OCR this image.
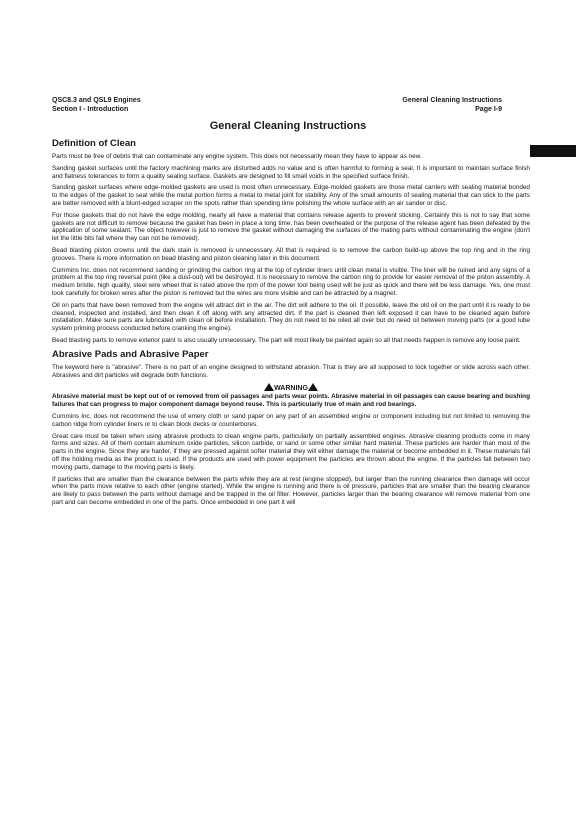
QSC8.3 and QSL9 Engines
Section I - Introduction
General Cleaning Instructions
Page I-9
General Cleaning Instructions
Definition of Clean

Parts must be free of debris that can contaminate any engine system. This does not necessarily mean they have to appear as new.

Sanding gasket surfaces until the factory machining marks are disturbed adds no value and is often harmful to forming a seal. It is important to maintain surface finish and flatness tolerances to form a quality sealing surface. Gaskets are designed to fill small voids in the specified surface finish.

Sanding gasket surfaces where edge-molded gaskets are used is most often unnecessary. Edge-molded gaskets are those metal carriers with sealing material bonded to the edges of the gasket to seal while the metal portion forms a metal to metal joint for stability. Any of the small amounts of sealing material that can stick to the parts are better removed with a blunt-edged scraper on the spots rather than spending time polishing the whole surface with an air sander or disc.

For those gaskets that do not have the edge molding, nearly all have a material that contains release agents to prevent sticking. Certainly this is not to say that some gaskets are not difficult to remove because the gasket has been in place a long time, has been overheated or the purpose of the release agent has been defeated by the application of some sealant. The object however is just to remove the gasket without damaging the surfaces of the mating parts without contaminating the engine (don't let the little bits fall where they can not be removed).

Bead blasting piston crowns until the dark stain is removed is unnecessary. All that is required is to remove the carbon build-up above the top ring and in the ring grooves. There is more information on bead blasting and piston cleaning later in this document.

Cummins Inc. does not recommend sanding or grinding the carbon ring at the top of cylinder liners until clean metal is visible. The liner will be ruined and any signs of a problem at the top ring reversal point (like a dust-out) will be destroyed. It is necessary to remove the carbon ring to provide for easier removal of the piston assembly. A medium bristle, high quality, steel wire wheel that is rated above the rpm of the power tool being used will be just as quick and there will be less damage. Yes, one must look carefully for broken wires after the piston is removed but the wires are more visible and can be attracted by a magnet.

Oil on parts that have been removed from the engine will attract dirt in the air. The dirt will adhere to the oil. If possible, leave the old oil on the part until it is ready to be cleaned, inspected and installed, and then clean it off along with any attracted dirt. If the part is cleaned then left exposed it can have to be cleaned again before installation. Make sure parts are lubricated with clean oil before installation. They do not need to be oiled all over but do need oil between moving parts (or a good lube system priming process conducted before cranking the engine).

Bead blasting parts to remove exterior paint is also usually unnecessary. The part will most likely be painted again so all that needs happen is remove any loose paint.

Abrasive Pads and Abrasive Paper

The keyword here is "abrasive". There is no part of an engine designed to withstand abrasion. That is they are all supposed to lock together or slide across each other. Abrasives and dirt particles will degrade both functions.

WARNING

Abrasive material must be kept out of or removed from oil passages and parts wear points. Abrasive material in oil passages can cause bearing and bushing failures that can progress to major component damage beyond reuse. This is particularly true of main and rod bearings.

Cummins Inc. does not recommend the use of emery cloth or sand paper on any part of an assembled engine or component including but not limited to removing the carbon ridge from cylinder liners or to clean block decks or counterbores.

Great care must be taken when using abrasive products to clean engine parts, particularly on partially assembled engines. Abrasive cleaning products come in many forms and sizes. All of them contain aluminum oxide particles, silicon carbide, or sand or some other similar hard material. These particles are harder than most of the parts in the engine. Since they are harder, if they are pressed against softer material they will either damage the material or become embedded in it. These materials fall off the holding media as the product is used. If the products are used with power equipment the particles are thrown about the engine. If the particles fall between two moving parts, damage to the moving parts is likely.

If particles that are smaller than the clearance between the parts while they are at rest (engine stopped), but larger than the running clearance then damage will occur when the parts move relative to each other (engine started). While the engine is running and there is oil pressure, particles that are smaller than the bearing clearance are likely to pass between the parts without damage and be trapped in the oil filter. However, particles larger than the bearing clearance will remove material from one part and can become embedded in one of the parts. Once embedded in one part it will
